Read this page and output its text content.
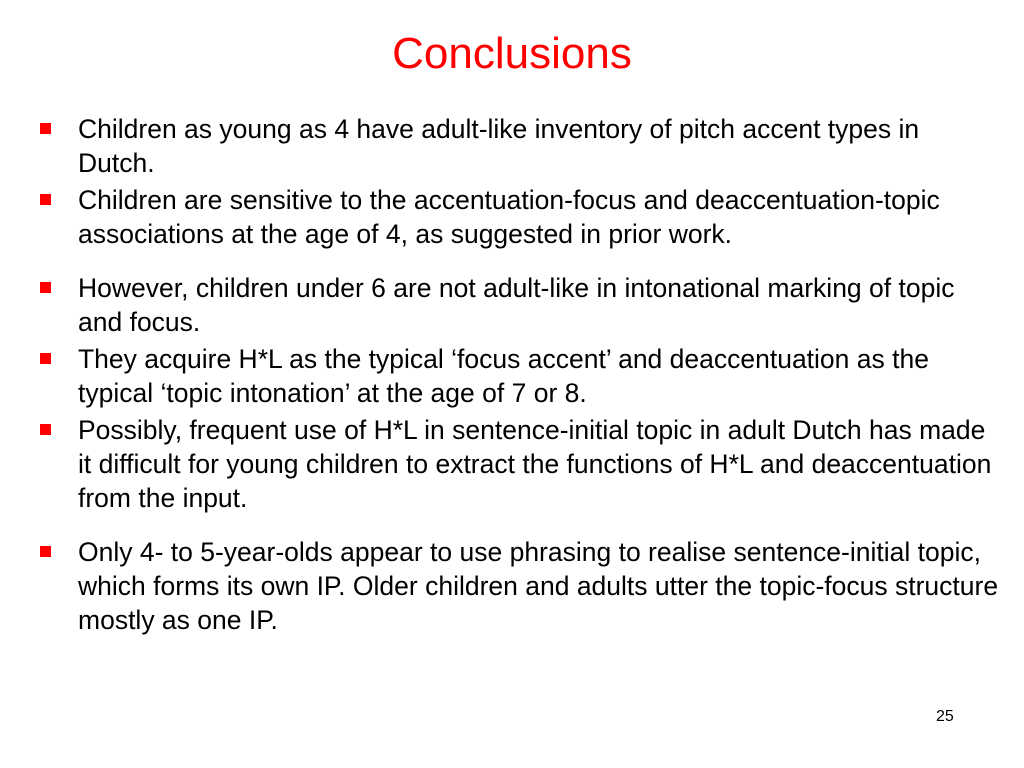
Conclusions
Children as young as 4 have adult-like inventory of pitch accent types in Dutch.
Children are sensitive to the accentuation-focus and deaccentuation-topic associations at the age of 4, as suggested in prior work.
However, children under 6 are not adult-like in intonational marking of topic and focus.
They acquire H*L as the typical ‘focus accent’ and deaccentuation as the typical ‘topic intonation’ at the age of 7 or 8.
Possibly, frequent use of H*L in sentence-initial topic in adult Dutch has made it difficult for young children to extract the functions of H*L and deaccentuation from the input.
Only 4- to 5-year-olds appear to use phrasing to realise sentence-initial topic, which forms its own IP. Older children and adults utter the topic-focus structure mostly as one IP.
25
